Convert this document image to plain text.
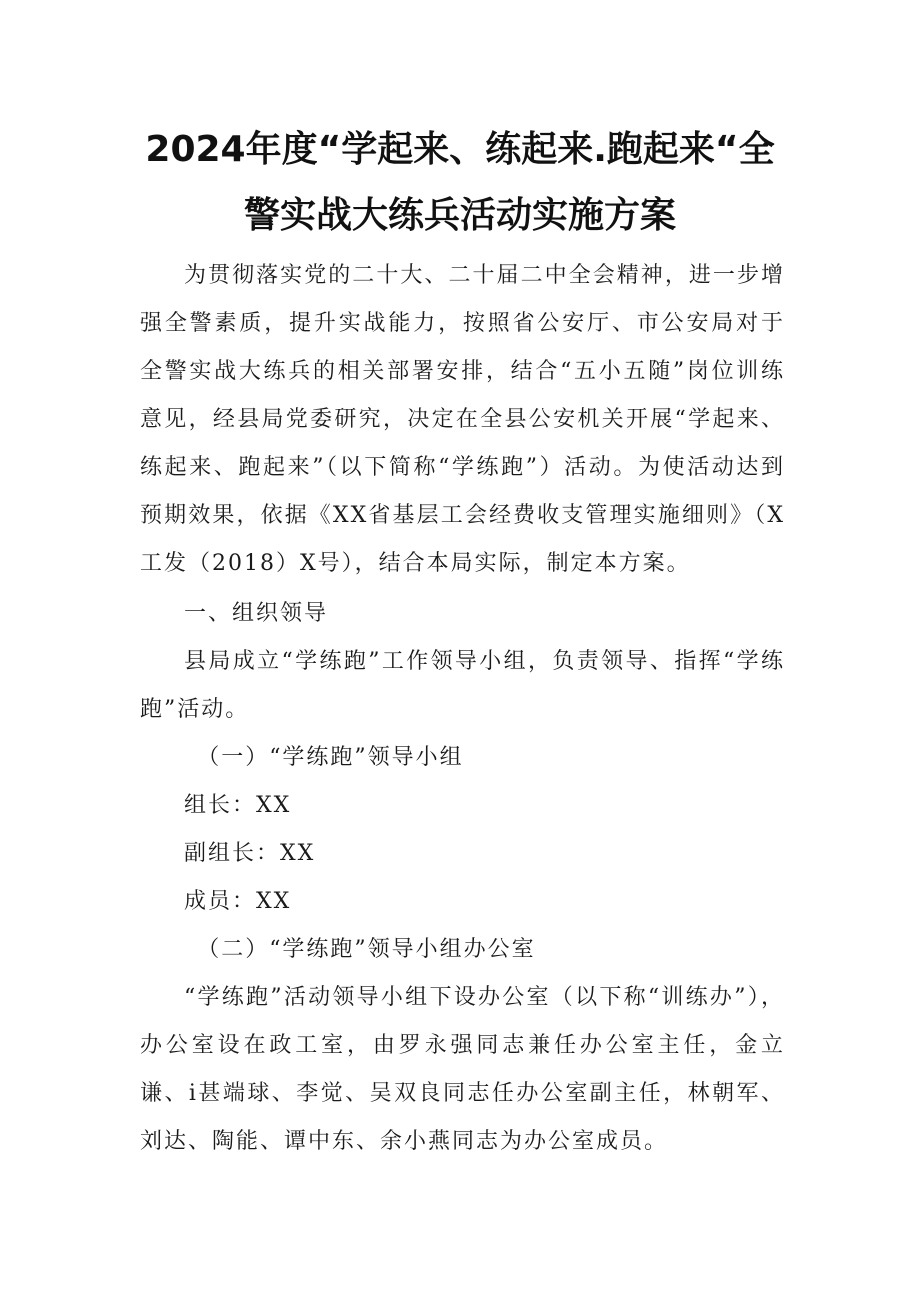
2024年度“学起来、练起来.跑起来“全
警实战大练兵活动实施方案

为贯彻落实党的二十大、二十届二中全会精神，进一步增强全警素质，提升实战能力，按照省公安厅、市公安局对于全警实战大练兵的相关部署安排，结合“五小五随”岗位训练意见，经县局党委研究，决定在全县公安机关开展“学起来、练起来、跑起来”（以下简称“学练跑”）活动。为使活动达到预期效果，依据《XX省基层工会经费收支管理实施细则》（X工发（2018）X号），结合本局实际，制定本方案。

一、组织领导

县局成立“学练跑”工作领导小组，负责领导、指挥“学练跑”活动。

（一）“学练跑”领导小组

组长：XX

副组长：XX

成员：XX

（二）“学练跑”领导小组办公室

“学练跑”活动领导小组下设办公室（以下称“训练办”），办公室设在政工室，由罗永强同志兼任办公室主任，金立谦、i甚端球、李觉、吴双良同志任办公室副主任，林朝军、刘达、陶能、谭中东、余小燕同志为办公室成员。
